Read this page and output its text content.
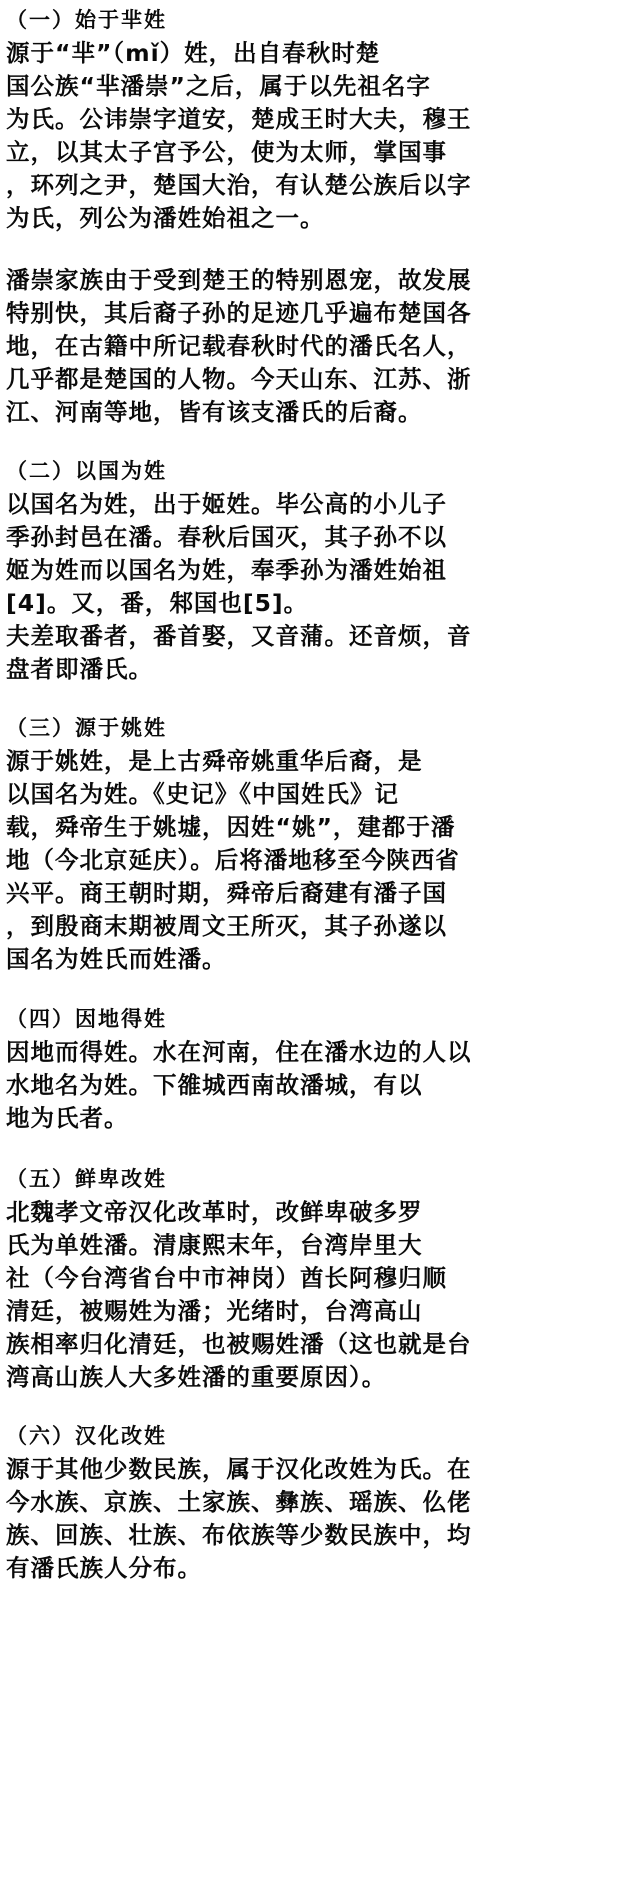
（一）始于芈姓
源于“芈”（mǐ）姓，出自春秋时楚
国公族“芈潘崇”之后，属于以先祖名字
为氏。公讳崇字道安，楚成王时大夫，穆王
立，以其太子宫予公，使为太师，掌国事
，环列之尹，楚国大治，有认楚公族后以字
为氏，列公为潘姓始祖之一。
潘崇家族由于受到楚王的特别恩宠，故发展
特别快，其后裔子孙的足迹几乎遍布楚国各
地，在古籍中所记载春秋时代的潘氏名人，
几乎都是楚国的人物。今天山东、江苏、浙
江、河南等地，皆有该支潘氏的后裔。
（二）以国为姓
以国名为姓，出于姬姓。毕公高的小儿子
季孙封邑在潘。春秋后国灭，其子孙不以
姬为姓而以国名为姓，奉季孙为潘姓始祖
[4]。又，番，邾国也[5]。
夫差取番者，番首娶，又音蒲。还音烦，音
盘者即潘氏。
（三）源于姚姓
源于姚姓，是上古舜帝姚重华后裔，是
以国名为姓。《史记》《中国姓氏》记
载，舜帝生于姚墟，因姓“姚”，建都于潘
地（今北京延庆）。后将潘地移至今陕西省
兴平。商王朝时期，舜帝后裔建有潘子国
，到殷商末期被周文王所灭，其子孙遂以
国名为姓氏而姓潘。
（四）因地得姓
因地而得姓。水在河南，住在潘水边的人以
水地名为姓。下雒城西南故潘城，有以
地为氏者。
（五）鲜卑改姓
北魏孝文帝汉化改革时，改鲜卑破多罗
氏为单姓潘。清康熙末年，台湾岸里大
社（今台湾省台中市神岗）酋长阿穆归顺
清廷，被赐姓为潘；光绪时，台湾高山
族相率归化清廷，也被赐姓潘（这也就是台
湾高山族人大多姓潘的重要原因）。
（六）汉化改姓
源于其他少数民族，属于汉化改姓为氏。在
今水族、京族、土家族、彝族、瑶族、仫佬
族、回族、壮族、布依族等少数民族中，均
有潘氏族人分布。
